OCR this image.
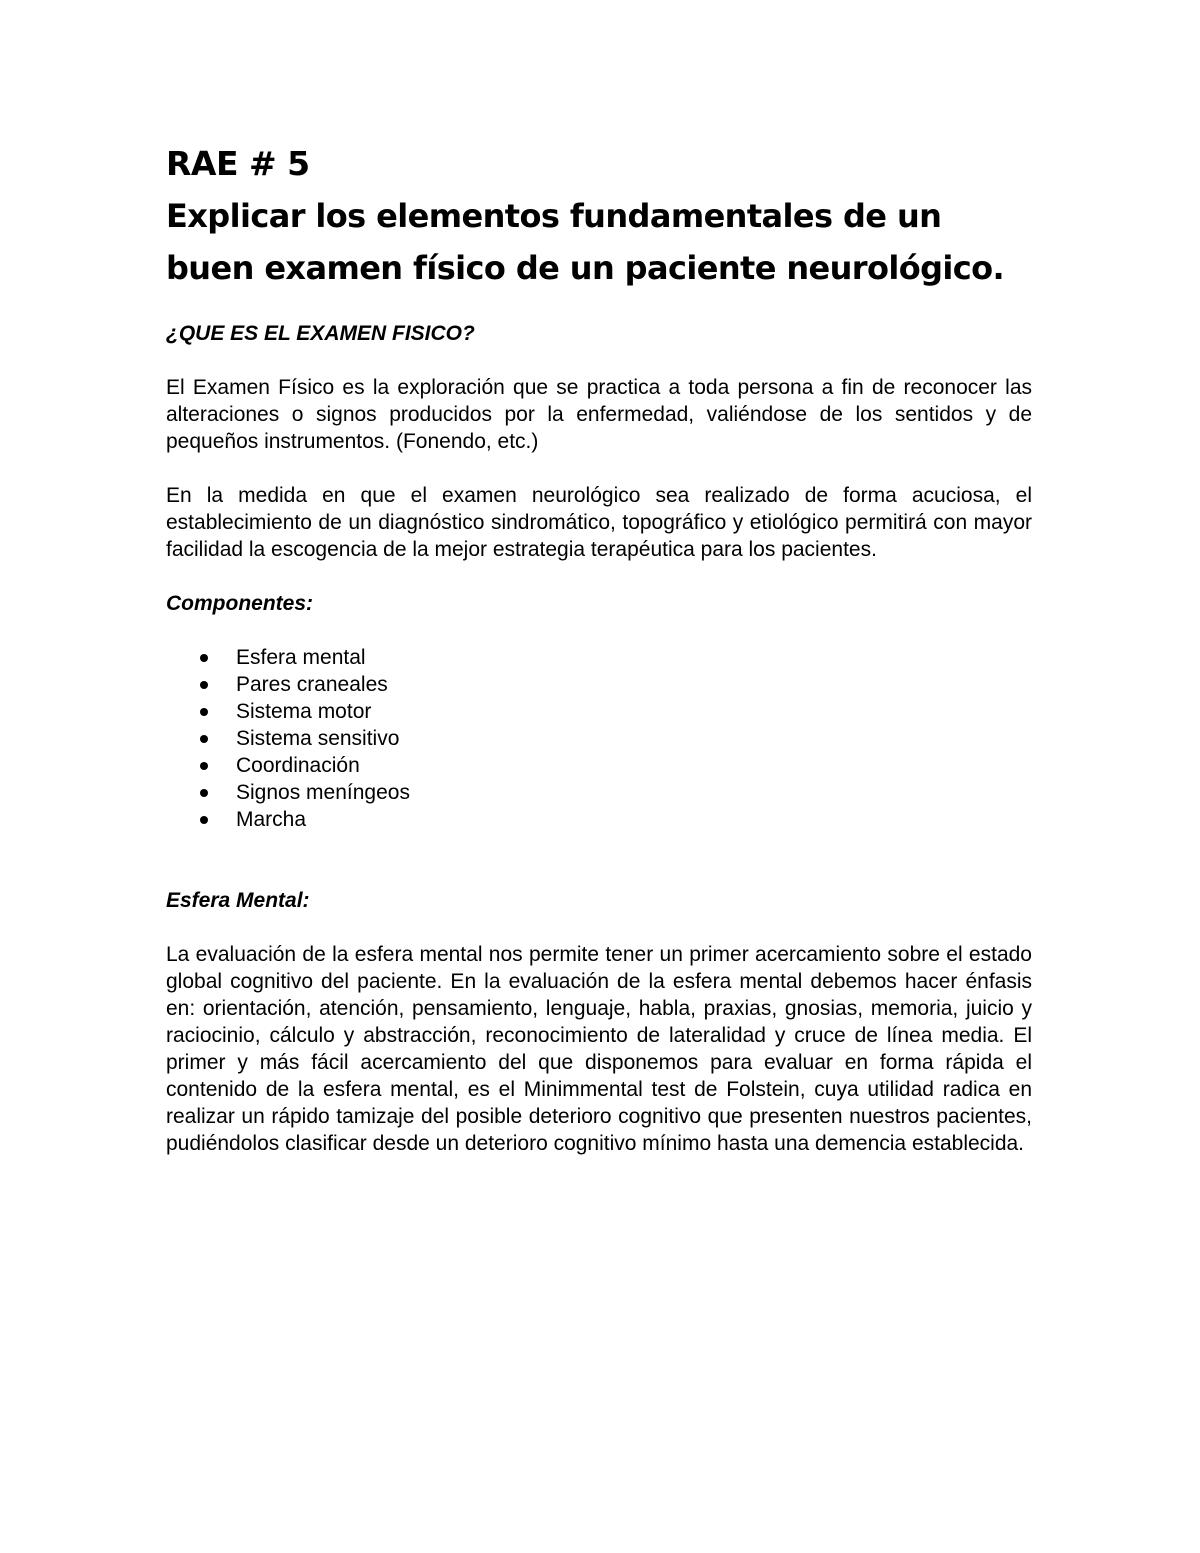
RAE # 5
Explicar los elementos fundamentales de un buen examen físico de un paciente neurológico.
¿QUE ES EL EXAMEN FISICO?

El Examen Físico es la exploración que se practica a toda persona a fin de reconocer las alteraciones o signos producidos por la enfermedad, valiéndose de los sentidos y de pequeños instrumentos. (Fonendo, etc.)

En la medida en que el examen neurológico sea realizado de forma acuciosa, el establecimiento de un diagnóstico sindromático, topográfico y etiológico permitirá con mayor facilidad la escogencia de la mejor estrategia terapéutica para los pacientes.

Componentes:
Esfera mental
Pares craneales
Sistema motor
Sistema sensitivo
Coordinación
Signos meníngeos
Marcha
Esfera Mental:

La evaluación de la esfera mental nos permite tener un primer acercamiento sobre el estado global cognitivo del paciente. En la evaluación de la esfera mental debemos hacer énfasis en: orientación, atención, pensamiento, lenguaje, habla, praxias, gnosias, memoria, juicio y raciocinio, cálculo y abstracción, reconocimiento de lateralidad y cruce de línea media. El primer y más fácil acercamiento del que disponemos para evaluar en forma rápida el contenido de la esfera mental, es el Minimmental test de Folstein, cuya utilidad radica en realizar un rápido tamizaje del posible deterioro cognitivo que presenten nuestros pacientes, pudiéndolos clasificar desde un deterioro cognitivo mínimo hasta una demencia establecida.
